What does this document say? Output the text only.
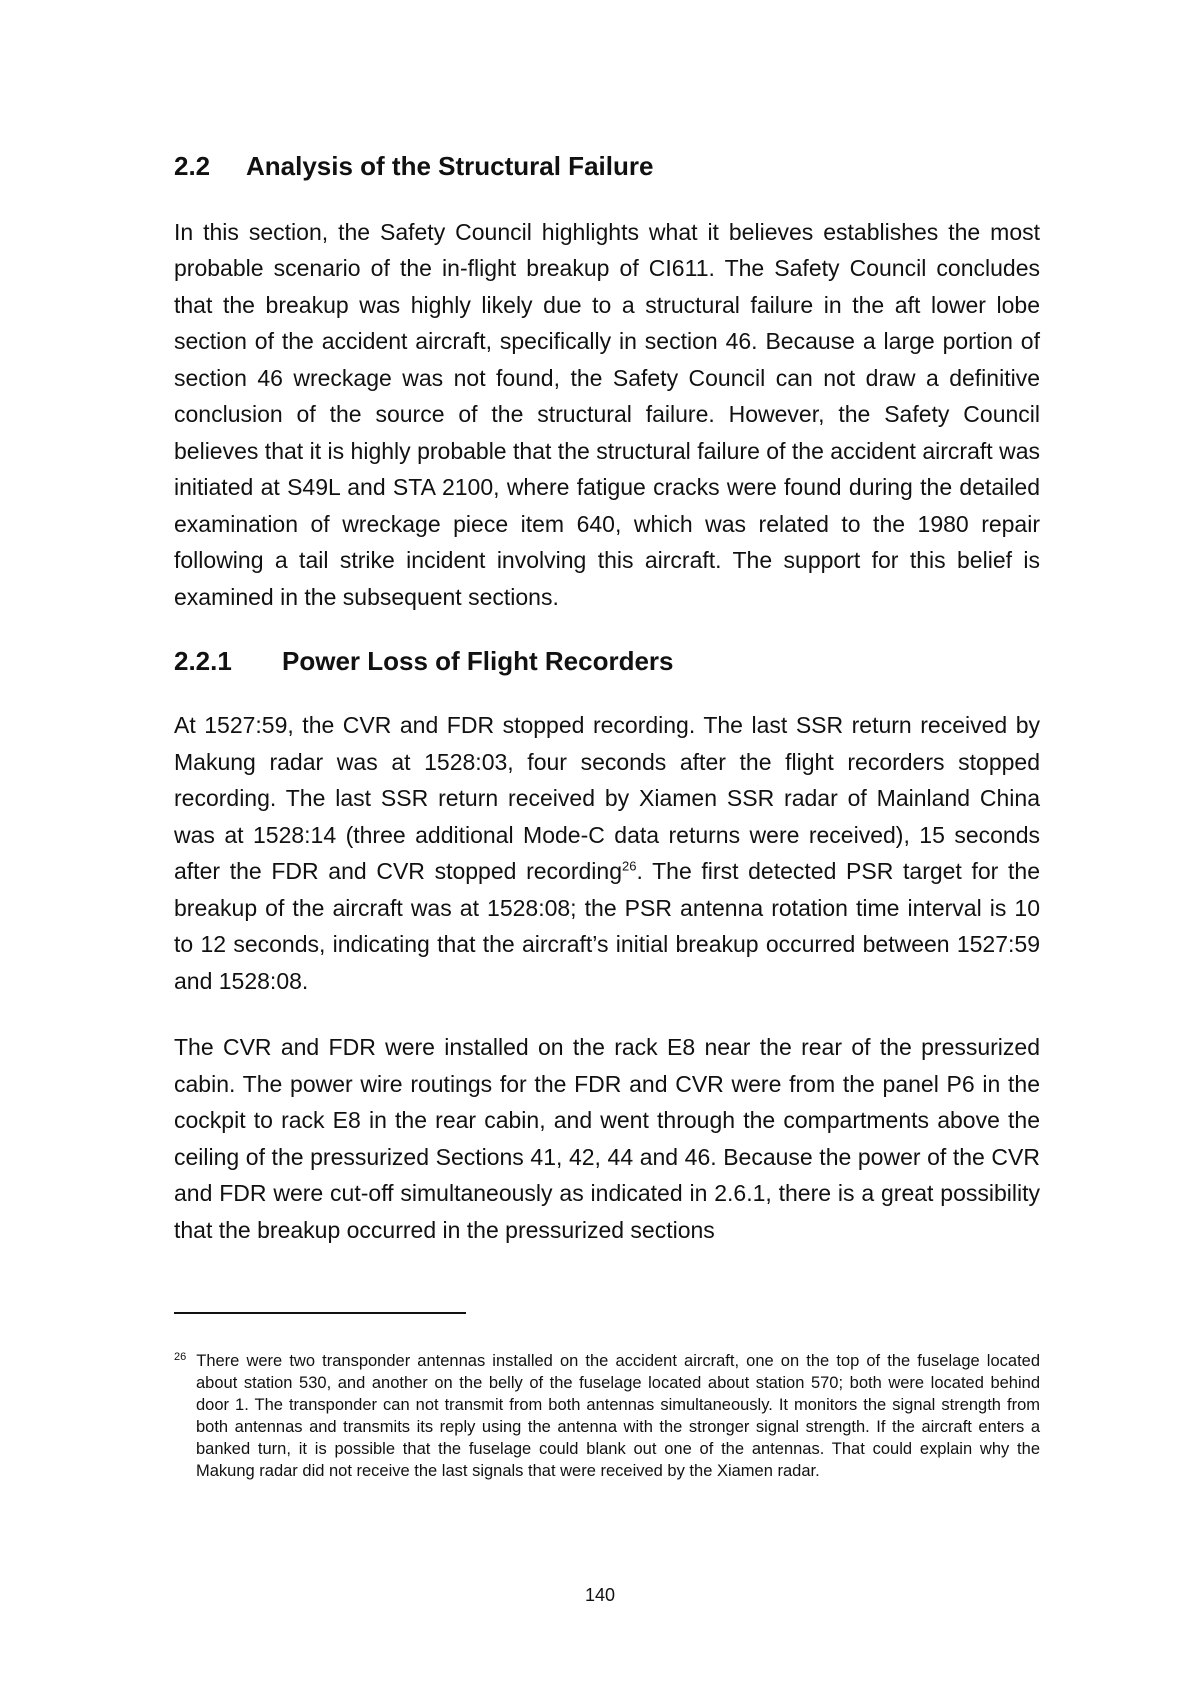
2.2 Analysis of the Structural Failure

In this section, the Safety Council highlights what it believes establishes the most probable scenario of the in-flight breakup of CI611. The Safety Council concludes that the breakup was highly likely due to a structural failure in the aft lower lobe section of the accident aircraft, specifically in section 46. Because a large portion of section 46 wreckage was not found, the Safety Council can not draw a definitive conclusion of the source of the structural failure. However, the Safety Council believes that it is highly probable that the structural failure of the accident aircraft was initiated at S49L and STA 2100, where fatigue cracks were found during the detailed examination of wreckage piece item 640, which was related to the 1980 repair following a tail strike incident involving this aircraft. The support for this belief is examined in the subsequent sections.

2.2.1 Power Loss of Flight Recorders

At 1527:59, the CVR and FDR stopped recording. The last SSR return received by Makung radar was at 1528:03, four seconds after the flight recorders stopped recording. The last SSR return received by Xiamen SSR radar of Mainland China was at 1528:14 (three additional Mode-C data returns were received), 15 seconds after the FDR and CVR stopped recording$^{26}$. The first detected PSR target for the breakup of the aircraft was at 1528:08; the PSR antenna rotation time interval is 10 to 12 seconds, indicating that the aircraft’s initial breakup occurred between 1527:59 and 1528:08.

The CVR and FDR were installed on the rack E8 near the rear of the pressurized cabin. The power wire routings for the FDR and CVR were from the panel P6 in the cockpit to rack E8 in the rear cabin, and went through the compartments above the ceiling of the pressurized Sections 41, 42, 44 and 46. Because the power of the CVR and FDR were cut-off simultaneously as indicated in 2.6.1, there is a great possibility that the breakup occurred in the pressurized sections

$^{26}$ There were two transponder antennas installed on the accident aircraft, one on the top of the fuselage located about station 530, and another on the belly of the fuselage located about station 570; both were located behind door 1. The transponder can not transmit from both antennas simultaneously. It monitors the signal strength from both antennas and transmits its reply using the antenna with the stronger signal strength. If the aircraft enters a banked turn, it is possible that the fuselage could blank out one of the antennas. That could explain why the Makung radar did not receive the last signals that were received by the Xiamen radar.
140
